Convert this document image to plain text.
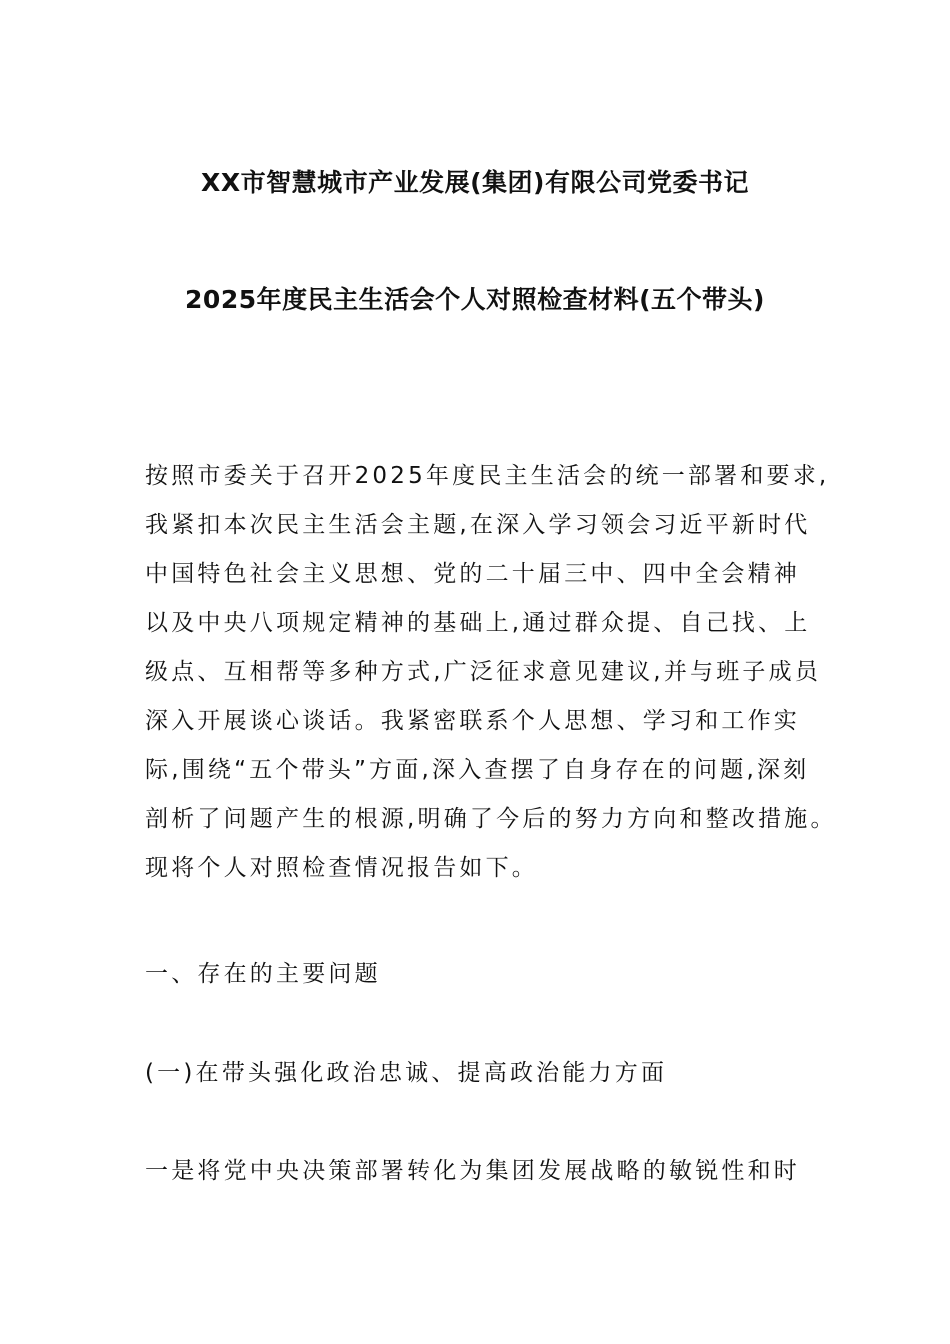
XX市智慧城市产业发展(集团)有限公司党委书记
2025年度民主生活会个人对照检查材料(五个带头)
按照市委关于召开2025年度民主生活会的统一部署和要求,
我紧扣本次民主生活会主题,在深入学习领会习近平新时代
中国特色社会主义思想、党的二十届三中、四中全会精神
以及中央八项规定精神的基础上,通过群众提、自己找、上
级点、互相帮等多种方式,广泛征求意见建议,并与班子成员
深入开展谈心谈话。我紧密联系个人思想、学习和工作实
际,围绕“五个带头”方面,深入查摆了自身存在的问题,深刻
剖析了问题产生的根源,明确了今后的努力方向和整改措施。
现将个人对照检查情况报告如下。
一、存在的主要问题
(一)在带头强化政治忠诚、提高政治能力方面
一是将党中央决策部署转化为集团发展战略的敏锐性和时
